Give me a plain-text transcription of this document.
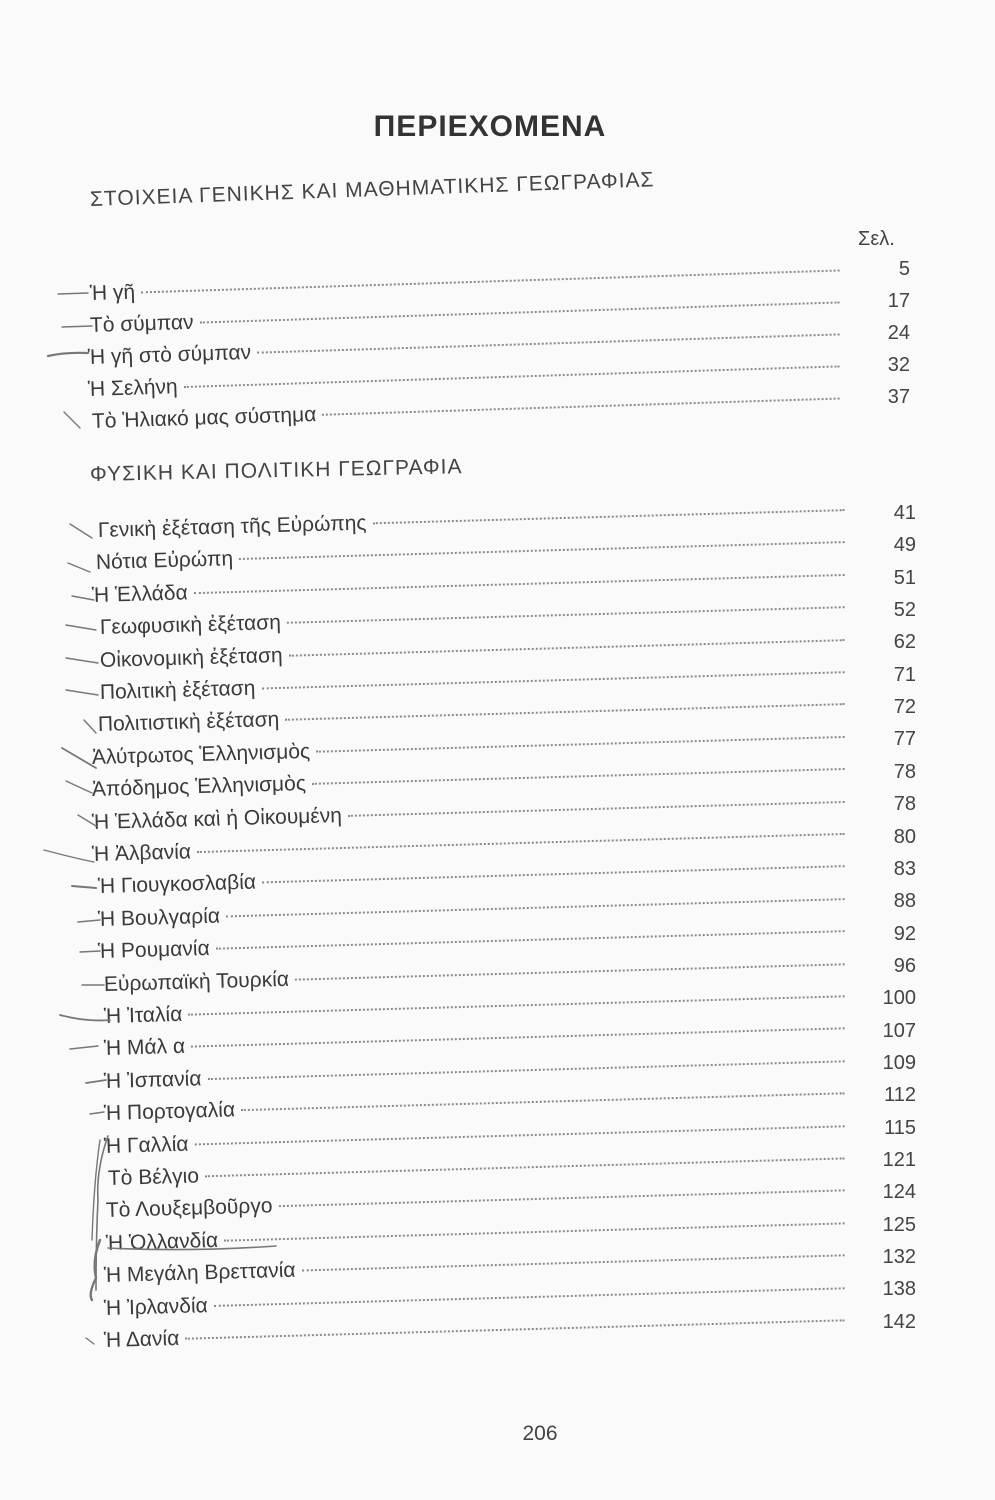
ΠΕΡΙΕΧΟΜΕΝΑ
ΣΤΟΙΧΕΙΑ ΓΕΝΙΚΗΣ ΚΑΙ ΜΑΘΗΜΑΤΙΚΗΣ ΓΕΩΓΡΑΦΙΑΣ
Σελ.
Ἡ γῆ
5
Τὸ σύμπαν
17
Ἡ γῆ στὸ σύμπαν
24
Ἡ Σελήνη
32
Τὸ Ἡλιακό μας σύστημα
37
ΦΥΣΙΚΗ ΚΑΙ ΠΟΛΙΤΙΚΗ ΓΕΩΓΡΑΦΙΑ
Γενικὴ ἐξέταση τῆς Εὐρώπης	41
Νότια Εὐρώπη
49
Ἡ Ἑλλάδα
51
Γεωφυσικὴ ἐξέταση
52
Οἰκονομικὴ ἐξέταση
62
Πολιτικὴ ἐξέταση
71
Πολιτιστικὴ ἐξέταση
72
Ἀλύτρωτος Ἑλληνισμὸς
77
Ἀπόδημος Ἑλληνισμὸς
78
Ἡ Ἑλλάδα καὶ ἡ Οἰκουμένη	78
Ἡ Ἀλβανία
80
Ἡ Γιουγκοσλαβία
83
Ἡ Βουλγαρία
88
Ἡ Ρουμανία
92
Εὐρωπαϊκὴ Τουρκία
96
Ἡ Ἰταλία
100
Ἡ Μάλ α
107
Ἡ Ἰσπανία
109
Ἡ Πορτογαλία
112
Ἡ Γαλλία
115
Τὸ Βέλγιο
121
Τὸ Λουξεμβοῦργο
124
Ἡ Ὁλλανδία
125
Ἡ Μεγάλη Βρεττανία
132
Ἡ Ἰρλανδία
138
Ἡ Δανία
142
206
